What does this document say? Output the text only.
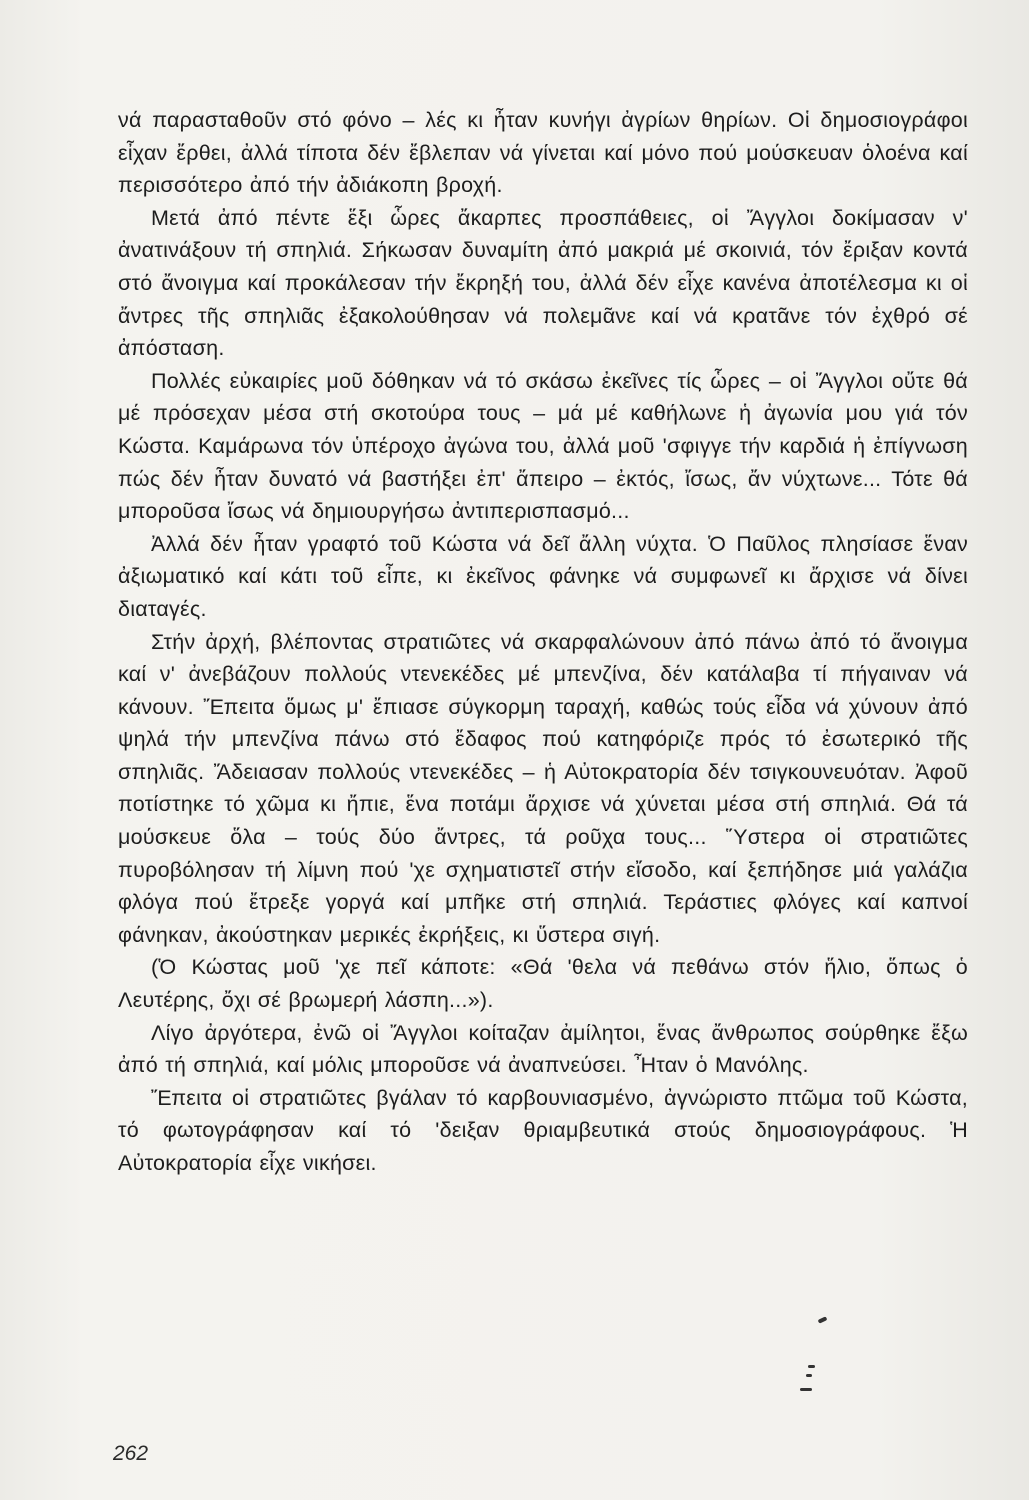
νά παρασταθοῦν στό φόνο – λές κι ἦταν κυνήγι ἀγρίων θηρίων. Οἱ δημοσιογράφοι εἶχαν ἔρθει, ἀλλά τίποτα δέν ἔβλεπαν νά γίνεται καί μόνο πού μούσκευαν ὁλοένα καί περισσότερο ἀπό τήν ἀδιάκοπη βροχή.

Μετά ἀπό πέντε ἕξι ὧρες ἄκαρπες προσπάθειες, οἱ Ἄγγλοι δοκίμασαν ν' ἀνατινάξουν τή σπηλιά. Σήκωσαν δυναμίτη ἀπό μακριά μέ σκοινιά, τόν ἔριξαν κοντά στό ἄνοιγμα καί προκάλεσαν τήν ἔκρηξή του, ἀλλά δέν εἶχε κανένα ἀποτέλεσμα κι οἱ ἄντρες τῆς σπηλιᾶς ἐξακολούθησαν νά πολεμᾶνε καί νά κρατᾶνε τόν ἐχθρό σέ ἀπόσταση.

Πολλές εὐκαιρίες μοῦ δόθηκαν νά τό σκάσω ἐκεῖνες τίς ὧρες – οἱ Ἄγγλοι οὔτε θά μέ πρόσεχαν μέσα στή σκοτούρα τους – μά μέ καθήλωνε ἡ ἀγωνία μου γιά τόν Κώστα. Καμάρωνα τόν ὑπέροχο ἀγώνα του, ἀλλά μοῦ 'σφιγγε τήν καρδιά ἡ ἐπίγνωση πώς δέν ἦταν δυνατό νά βαστήξει ἐπ' ἄπειρο – ἐκτός, ἴσως, ἄν νύχτωνε... Τότε θά μποροῦσα ἴσως νά δημιουργήσω ἀντιπερισπασμό...

Ἀλλά δέν ἦταν γραφτό τοῦ Κώστα νά δεῖ ἄλλη νύχτα. Ὁ Παῦλος πλησίασε ἕναν ἀξιωματικό καί κάτι τοῦ εἶπε, κι ἐκεῖνος φάνηκε νά συμφωνεῖ κι ἄρχισε νά δίνει διαταγές.

Στήν ἀρχή, βλέποντας στρατιῶτες νά σκαρφαλώνουν ἀπό πάνω ἀπό τό ἄνοιγμα καί ν' ἀνεβάζουν πολλούς ντενεκέδες μέ μπενζίνα, δέν κατάλαβα τί πήγαιναν νά κάνουν. Ἔπειτα ὅμως μ' ἔπιασε σύγκορμη ταραχή, καθώς τούς εἶδα νά χύνουν ἀπό ψηλά τήν μπενζίνα πάνω στό ἔδαφος πού κατηφόριζε πρός τό ἐσωτερικό τῆς σπηλιᾶς. Ἄδειασαν πολλούς ντενεκέδες – ἡ Αὐτοκρατορία δέν τσιγκουνευόταν. Ἀφοῦ ποτίστηκε τό χῶμα κι ἤπιε, ἕνα ποτάμι ἄρχισε νά χύνεται μέσα στή σπηλιά. Θά τά μούσκευε ὅλα – τούς δύο ἄντρες, τά ροῦχα τους... Ὕστερα οἱ στρατιῶτες πυροβόλησαν τή λίμνη πού 'χε σχηματιστεῖ στήν εἴσοδο, καί ξεπήδησε μιά γαλάζια φλόγα πού ἔτρεξε γοργά καί μπῆκε στή σπηλιά. Τεράστιες φλόγες καί καπνοί φάνηκαν, ἀκούστηκαν μερικές ἐκρήξεις, κι ὕστερα σιγή.

(Ὁ Κώστας μοῦ 'χε πεῖ κάποτε: «Θά 'θελα νά πεθάνω στόν ἥλιο, ὅπως ὁ Λευτέρης, ὄχι σέ βρωμερή λάσπη...»).

Λίγο ἀργότερα, ἐνῶ οἱ Ἄγγλοι κοίταζαν ἀμίλητοι, ἕνας ἄνθρωπος σούρθηκε ἔξω ἀπό τή σπηλιά, καί μόλις μποροῦσε νά ἀναπνεύσει. Ἦταν ὁ Μανόλης.

Ἔπειτα οἱ στρατιῶτες βγάλαν τό καρβουνιασμένο, ἀγνώριστο πτῶμα τοῦ Κώστα, τό φωτογράφησαν καί τό 'δειξαν θριαμβευτικά στούς δημοσιογράφους. Ἡ Αὐτοκρατορία εἶχε νικήσει.

262
